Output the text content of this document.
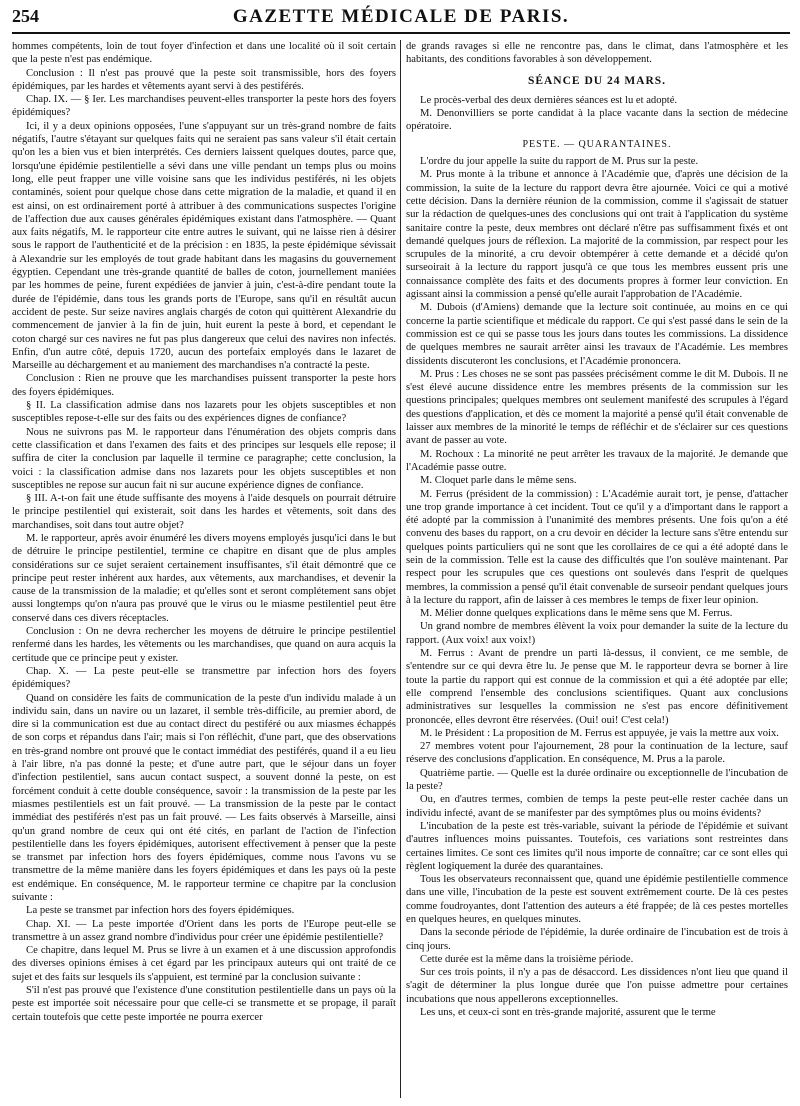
254	GAZETTE MÉDICALE DE PARIS.

hommes compétents, loin de tout foyer d'infection et dans une localité où il soit certain que la peste n'est pas endémique.

Conclusion : Il n'est pas prouvé que la peste soit transmissible, hors des foyers épidémiques, par les hardes et vêtements ayant servi à des pestiférés.

Chap. IX. — § Ier. Les marchandises peuvent-elles transporter la peste hors des foyers épidémiques?

Ici, il y a deux opinions opposées, l'une s'appuyant sur un très-grand nombre de faits négatifs, l'autre s'étayant sur quelques faits qui ne seraient pas sans valeur s'il était certain qu'on les a bien vus et bien interprétés. Ces derniers laissent quelques doutes, parce que, lorsqu'une épidémie pestilentielle a sévi dans une ville pendant un temps plus ou moins long, elle peut frapper une ville voisine sans que les individus pestiférés, ni les objets contaminés, soient pour quelque chose dans cette migration de la maladie, et quand il en est ainsi, on est ordinairement porté à attribuer à des communications suspectes l'origine de l'affection due aux causes générales épidémiques existant dans l'atmosphère. — Quant aux faits négatifs, M. le rapporteur cite entre autres le suivant, qui ne laisse rien à désirer sous le rapport de l'authenticité et de la précision : en 1835, la peste épidémique sévissait à Alexandrie sur les employés de tout grade habitant dans les magasins du gouvernement égyptien. Cependant une très-grande quantité de balles de coton, journellement maniées par les hommes de peine, furent expédiées de janvier à juin, c'est-à-dire pendant toute la durée de l'épidémie, dans tous les grands ports de l'Europe, sans qu'il en résultât aucun accident de peste. Sur seize navires anglais chargés de coton qui quittèrent Alexandrie du commencement de janvier à la fin de juin, huit eurent la peste à bord, et cependant le coton chargé sur ces navires ne fut pas plus dangereux que celui des navires non infectés. Enfin, d'un autre côté, depuis 1720, aucun des portefaix employés dans le lazaret de Marseille au déchargement et au maniement des marchandises n'a contracté la peste.

Conclusion : Rien ne prouve que les marchandises puissent transporter la peste hors des foyers épidémiques.

§ II. La classification admise dans nos lazarets pour les objets susceptibles et non susceptibles repose-t-elle sur des faits ou des expériences dignes de confiance?

Nous ne suivrons pas M. le rapporteur dans l'énumération des objets compris dans cette classification et dans l'examen des faits et des principes sur lesquels elle repose; il suffira de citer la conclusion par laquelle il termine ce paragraphe; cette conclusion, la voici : la classification admise dans nos lazarets pour les objets susceptibles et non susceptibles ne repose sur aucun fait ni sur aucune expérience dignes de confiance.

§ III. A-t-on fait une étude suffisante des moyens à l'aide desquels on pourrait détruire le principe pestilentiel qui existerait, soit dans les hardes et vêtements, soit dans des marchandises, soit dans tout autre objet?

M. le rapporteur, après avoir énuméré les divers moyens employés jusqu'ici dans le but de détruire le principe pestilentiel, termine ce chapitre en disant que de plus amples considérations sur ce sujet seraient certainement insuffisantes, s'il était démontré que ce principe peut rester inhérent aux hardes, aux vêtements, aux marchandises, et devenir la cause de la transmission de la maladie; et qu'elles sont et seront complétement sans objet aussi longtemps qu'on n'aura pas prouvé que le virus ou le miasme pestilentiel peut être conservé dans ces divers réceptacles.

Conclusion : On ne devra rechercher les moyens de détruire le principe pestilentiel renfermé dans les hardes, les vêtements ou les marchandises, que quand on aura acquis la certitude que ce principe peut y exister.

Chap. X. — La peste peut-elle se transmettre par infection hors des foyers épidémiques?

Quand on considère les faits de communication de la peste d'un individu malade à un individu sain, dans un navire ou un lazaret, il semble très-difficile, au premier abord, de dire si la communication est due au contact direct du pestiféré ou aux miasmes échappés de son corps et répandus dans l'air; mais si l'on réfléchit, d'une part, que des observations en très-grand nombre ont prouvé que le contact immédiat des pestiférés, quand il a eu lieu à l'air libre, n'a pas donné la peste; et d'une autre part, que le séjour dans un foyer d'infection pestilentiel, sans aucun contact suspect, a souvent donné la peste, on est forcément conduit à cette double conséquence, savoir : la transmission de la peste par les miasmes pestilentiels est un fait prouvé. — La transmission de la peste par le contact immédiat des pestiférés n'est pas un fait prouvé. — Les faits observés à Marseille, ainsi qu'un grand nombre de ceux qui ont été cités, en parlant de l'action de l'infection pestilentielle dans les foyers épidémiques, autorisent effectivement à penser que la peste se transmet par infection hors des foyers épidémiques, comme nous l'avons vu se transmettre de la même manière dans les foyers épidémiques et dans les pays où la peste est endémique. En conséquence, M. le rapporteur termine ce chapitre par la conclusion suivante :

La peste se transmet par infection hors des foyers épidémiques.

Chap. XI. — La peste importée d'Orient dans les ports de l'Europe peut-elle se transmettre à un assez grand nombre d'individus pour créer une épidémie pestilentielle?

Ce chapitre, dans lequel M. Prus se livre à un examen et à une discussion approfondis des diverses opinions émises à cet égard par les principaux auteurs qui ont traité de ce sujet et des faits sur lesquels ils s'appuient, est terminé par la conclusion suivante :

S'il n'est pas prouvé que l'existence d'une constitution pestilentielle dans un pays où la peste est importée soit nécessaire pour que celle-ci se transmette et se propage, il paraît certain toutefois que cette peste importée ne pourra exercer

de grands ravages si elle ne rencontre pas, dans le climat, dans l'atmosphère et les habitants, des conditions favorables à son développement.

SÉANCE DU 24 MARS.

Le procès-verbal des deux dernières séances est lu et adopté.

M. Denonvilliers se porte candidat à la place vacante dans la section de médecine opératoire.

PESTE. — QUARANTAINES.

L'ordre du jour appelle la suite du rapport de M. Prus sur la peste.

M. Prus monte à la tribune et annonce à l'Académie que, d'après une décision de la commission, la suite de la lecture du rapport devra être ajournée. Voici ce qui a motivé cette décision. Dans la dernière réunion de la commission, comme il s'agissait de statuer sur la rédaction de quelques-unes des conclusions qui ont trait à l'application du système sanitaire contre la peste, deux membres ont déclaré n'être pas suffisamment fixés et ont demandé quelques jours de réflexion. La majorité de la commission, par respect pour les scrupules de la minorité, a cru devoir obtempérer à cette demande et a décidé qu'on surseoirait à la lecture du rapport jusqu'à ce que tous les membres eussent pris une connaissance complète des faits et des documents propres à former leur conviction. En agissant ainsi la commission a pensé qu'elle aurait l'approbation de l'Académie.

M. Dubois (d'Amiens) demande que la lecture soit continuée, au moins en ce qui concerne la partie scientifique et médicale du rapport. Ce qui s'est passé dans le sein de la commission est ce qui se passe tous les jours dans toutes les commissions. La dissidence de quelques membres ne saurait arrêter ainsi les travaux de l'Académie. Les membres dissidents discuteront les conclusions, et l'Académie prononcera.

M. Prus : Les choses ne se sont pas passées précisément comme le dit M. Dubois. Il ne s'est élevé aucune dissidence entre les membres présents de la commission sur les questions principales; quelques membres ont seulement manifesté des scrupules à l'égard des questions d'application, et dès ce moment la majorité a pensé qu'il était convenable de laisser aux membres de la minorité le temps de réfléchir et de s'éclairer sur ces questions avant de passer au vote.

M. Rochoux : La minorité ne peut arrêter les travaux de la majorité. Je demande que l'Académie passe outre.

M. Cloquet parle dans le même sens.

M. Ferrus (président de la commission) : L'Académie aurait tort, je pense, d'attacher une trop grande importance à cet incident. Tout ce qu'il y a d'important dans le rapport a été adopté par la commission à l'unanimité des membres présents. Une fois qu'on a été convenu des bases du rapport, on a cru devoir en décider la lecture sans s'être entendu sur quelques points particuliers qui ne sont que les corollaires de ce qui a été adopté dans le sein de la commission. Telle est la cause des difficultés que l'on soulève maintenant. Par respect pour les scrupules que ces questions ont soulevés dans l'esprit de quelques membres, la commission a pensé qu'il était convenable de surseoir pendant quelques jours à la lecture du rapport, afin de laisser à ces membres le temps de fixer leur opinion.

M. Mélier donne quelques explications dans le même sens que M. Ferrus.

Un grand nombre de membres élèvent la voix pour demander la suite de la lecture du rapport. (Aux voix! aux voix!)

M. Ferrus : Avant de prendre un parti là-dessus, il convient, ce me semble, de s'entendre sur ce qui devra être lu. Je pense que M. le rapporteur devra se borner à lire toute la partie du rapport qui est connue de la commission et qui a été adoptée par elle; elle comprend l'ensemble des conclusions scientifiques. Quant aux conclusions administratives sur lesquelles la commission ne s'est pas encore définitivement prononcée, elles devront être réservées. (Oui! oui! C'est cela!)

M. le Président : La proposition de M. Ferrus est appuyée, je vais la mettre aux voix.

27 membres votent pour l'ajournement, 28 pour la continuation de la lecture, sauf réserve des conclusions d'application. En conséquence, M. Prus a la parole.

Quatrième partie. — Quelle est la durée ordinaire ou exceptionnelle de l'incubation de la peste?

Ou, en d'autres termes, combien de temps la peste peut-elle rester cachée dans un individu infecté, avant de se manifester par des symptômes plus ou moins évidents?

L'incubation de la peste est très-variable, suivant la période de l'épidémie et suivant d'autres influences moins puissantes. Toutefois, ces variations sont restreintes dans certaines limites. Ce sont ces limites qu'il nous importe de connaître; car ce sont elles qui règlent logiquement la durée des quarantaines.

Tous les observateurs reconnaissent que, quand une épidémie pestilentielle commence dans une ville, l'incubation de la peste est souvent extrêmement courte. De là ces pestes comme foudroyantes, dont l'attention des auteurs a été frappée; de là ces pestes mortelles en quelques heures, en quelques minutes.

Dans la seconde période de l'épidémie, la durée ordinaire de l'incubation est de trois à cinq jours.

Cette durée est la même dans la troisième période.

Sur ces trois points, il n'y a pas de désaccord. Les dissidences n'ont lieu que quand il s'agit de déterminer la plus longue durée que l'on puisse admettre pour certaines incubations que nous appellerons exceptionnelles.

Les uns, et ceux-ci sont en très-grande majorité, assurent que le terme
